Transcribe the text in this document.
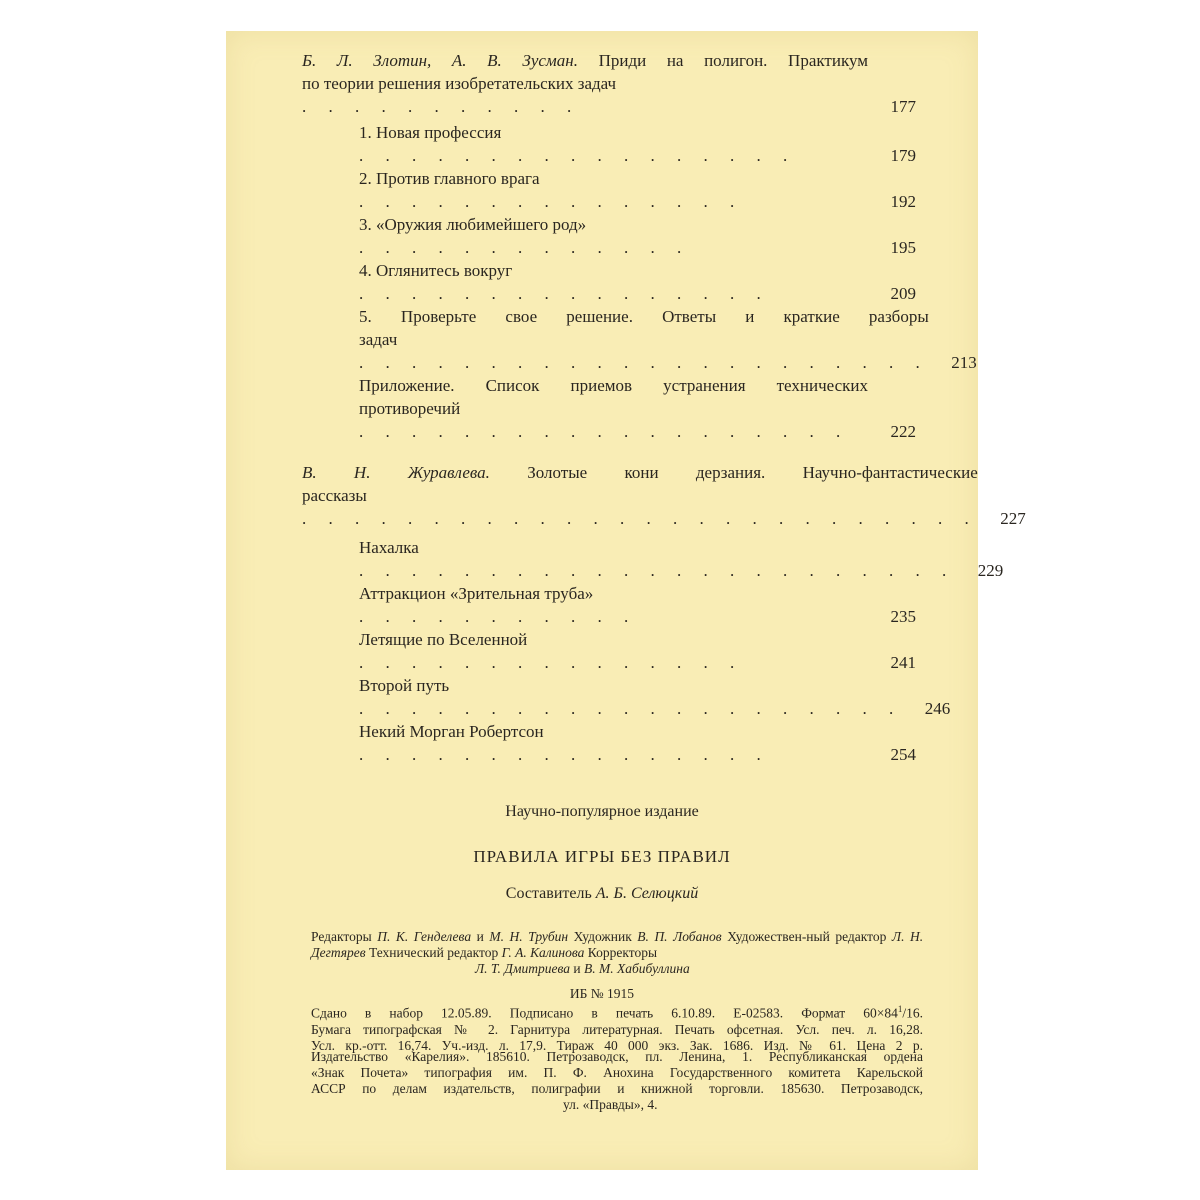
Б. Л. Злотин, А. В. Зусман. Приди на полигон. Практикум
по теории решения изобретательских задач . . . . . . . . . . .	177
1. Новая профессия . . . . . . . . . . . . . . . . .	179
2. Против главного врага . . . . . . . . . . . . . . .	192
3. «Оружия любимейшего род» . . . . . . . . . . . . .	195
4. Оглянитесь вокруг . . . . . . . . . . . . . . . .	209
5. Проверьте свое решение. Ответы и краткие разборы
задач . . . . . . . . . . . . . . . . . . . . . .	213
Приложение. Список приемов устранения технических
противоречий . . . . . . . . . . . . . . . . . . .	222
В. Н. Журавлева. Золотые кони дерзания. Научно-фантастические
рассказы . . . . . . . . . . . . . . . . . . . . . . . . . .	227
Нахалка . . . . . . . . . . . . . . . . . . . . . . .	229
Аттракцион «Зрительная труба» . . . . . . . . . . .	235
Летящие по Вселенной . . . . . . . . . . . . . . .	241
Второй путь . . . . . . . . . . . . . . . . . . . . .	246
Некий Морган Робертсон . . . . . . . . . . . . . . . .	254
Научно-популярное издание
ПРАВИЛА ИГРЫ БЕЗ ПРАВИЛ
Составитель А. Б. Селюцкий
Редакторы П. К. Генделева и М. Н. Трубин Художник В. П. Лобанов Художествен-ный редактор Л. Н. Дегтярев Технический редактор Г. А. Калинова Корректоры
Л. Т. Дмитриева и В. М. Хабибуллина
ИБ № 1915
Сдано в набор 12.05.89. Подписано в печать 6.10.89. Е-02583. Формат $60\times 84^1/16$.
Бумага типографская № 2. Гарнитура литературная. Печать офсетная. Усл. печ. л. 16,28.
Усл. кр.-отт. 16,74. Уч.-изд. л. 17,9. Тираж 40 000 экз. Зак. 1686. Изд. № 61. Цена 2 р.
Издательство «Карелия». 185610. Петрозаводск, пл. Ленина, 1. Республиканская ордена
«Знак Почета» типография им. П. Ф. Анохина Государственного комитета Карельской
АССР по делам издательств, полиграфии и книжной торговли. 185630. Петрозаводск,
ул. «Правды», 4.
